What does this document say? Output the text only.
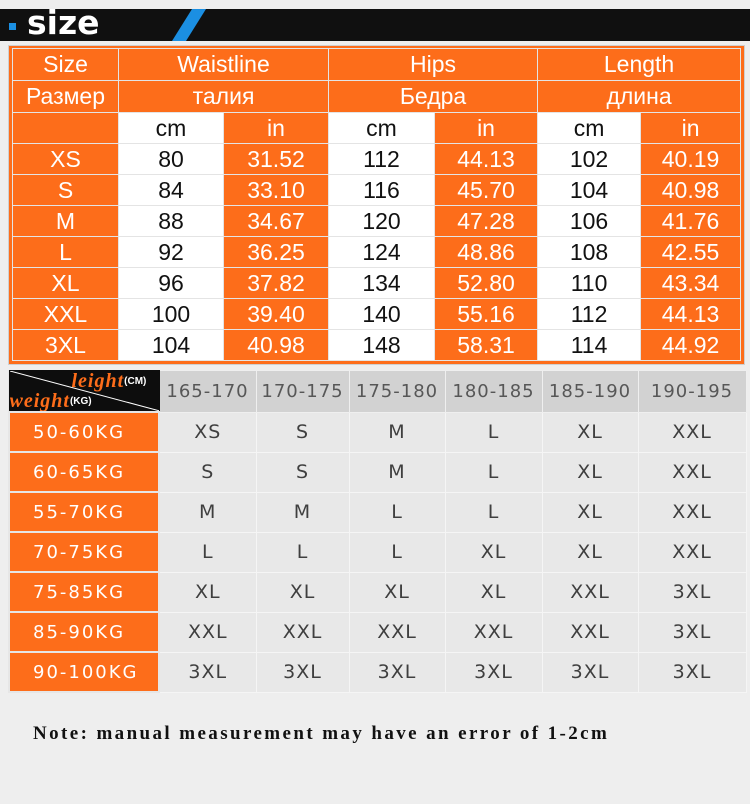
size
Size	Waistline		Hips		Length	
Размер	талия		Бедра		длина	
	cm	in	cm	in	cm	in
XS	80	31.52	112	44.13	102	40.19
S	84	33.10	116	45.70	104	40.98
M	88	34.67	120	47.28	106	41.76
L	92	36.25	124	48.86	108	42.55
XL	96	37.82	134	52.80	110	43.34
XXL	100	39.40	140	55.16	112	44.13
3XL	104	40.98	148	58.31	114	44.92
leight(CM)
weight(KG)	165-170	170-175	175-180	180-185	185-190	190-195
50-60KG	XS	S	M	L	XL	XXL
60-65KG	S	S	M	L	XL	XXL
55-70KG	M	M	L	L	XL	XXL
70-75KG	L	L	L	XL	XL	XXL
75-85KG	XL	XL	XL	XL	XXL	3XL
85-90KG	XXL	XXL	XXL	XXL	XXL	3XL
90-100KG	3XL	3XL	3XL	3XL	3XL	3XL
Note: manual measurement may have an error of 1-2cm
